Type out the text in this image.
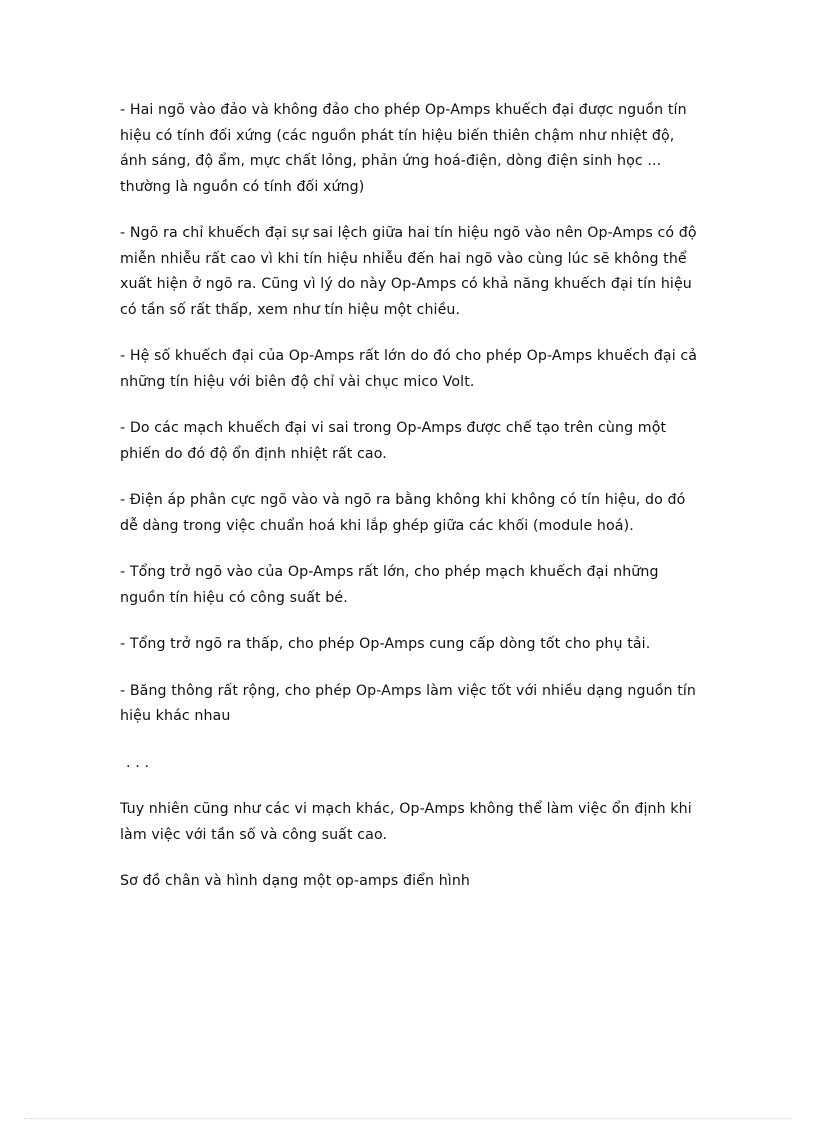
- Hai ngõ vào đảo và không đảo cho phép Op-Amps khuếch đại được nguồn tín hiệu có tính đối xứng (các nguồn phát tín hiệu biến thiên chậm như nhiệt độ, ánh sáng, độ ẩm, mực chất lỏng, phản ứng hoá-điện, dòng điện sinh học ... thường là nguồn có tính đối xứng)

- Ngõ ra chỉ khuếch đại sự sai lệch giữa hai tín hiệu ngõ vào nên Op-Amps có độ miễn nhiễu rất cao vì khi tín hiệu nhiễu đến hai ngõ vào cùng lúc sẽ không thể xuất hiện ở ngõ ra. Cũng vì lý do này Op-Amps có khả năng khuếch đại tín hiệu có tần số rất thấp, xem như tín hiệu một chiều.

- Hệ số khuếch đại của Op-Amps rất lớn do đó cho phép Op-Amps khuếch đại cả những tín hiệu với biên độ chỉ vài chục mico Volt.

- Do các mạch khuếch đại vi sai trong Op-Amps được chế tạo trên cùng một phiến do đó độ ổn định nhiệt rất cao.

- Điện áp phân cực ngõ vào và ngõ ra bằng không khi không có tín hiệu, do đó dễ dàng trong việc chuẩn hoá khi lắp ghép giữa các khối (module hoá).

- Tổng trở ngõ vào của Op-Amps rất lớn, cho phép mạch khuếch đại những nguồn tín hiệu có công suất bé.

- Tổng trở ngõ ra thấp, cho phép Op-Amps cung cấp dòng tốt cho phụ tải.

- Băng thông rất rộng, cho phép Op-Amps làm việc tốt với nhiều dạng nguồn tín hiệu khác nhau

. . .

Tuy nhiên cũng như các vi mạch khác, Op-Amps không thể làm việc ổn định khi làm việc với tần số và công suất cao.

Sơ đồ chân và hình dạng một op-amps điển hình
